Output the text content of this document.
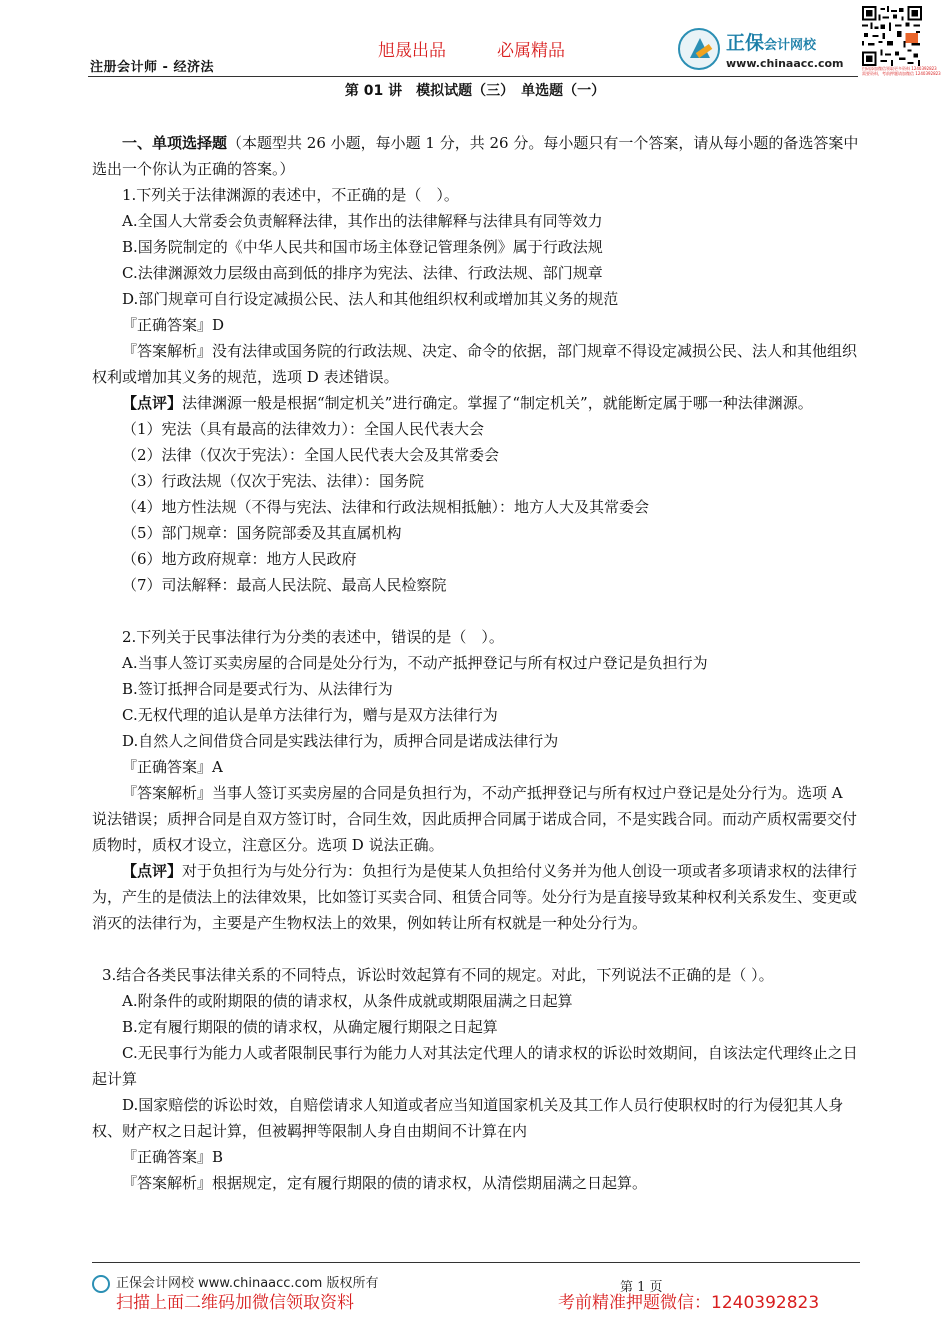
注册会计师 - 经济法
旭晟出品	必属精品	正保会计网校
www.chinaacc.com	扫码添加微信领取更多资料 1240392823
需要资料，考前押题请加微信 1240392823
第 01 讲　模拟试题（三）　单选题（一）

一、单项选择题（本题型共 26 小题，每小题 1 分，共 26 分。每小题只有一个答案，请从每小题的备选答案中选出一个你认为正确的答案。）

1.下列关于法律渊源的表述中，不正确的是（　）。

A.全国人大常委会负责解释法律，其作出的法律解释与法律具有同等效力

B.国务院制定的《中华人民共和国市场主体登记管理条例》属于行政法规

C.法律渊源效力层级由高到低的排序为宪法、法律、行政法规、部门规章

D.部门规章可自行设定减损公民、法人和其他组织权利或增加其义务的规范

『正确答案』D

『答案解析』没有法律或国务院的行政法规、决定、命令的依据，部门规章不得设定减损公民、法人和其他组织权利或增加其义务的规范，选项 D 表述错误。

【点评】法律渊源一般是根据“制定机关”进行确定。掌握了“制定机关”，就能断定属于哪一种法律渊源。

（1）宪法（具有最高的法律效力）：全国人民代表大会

（2）法律（仅次于宪法）：全国人民代表大会及其常委会

（3）行政法规（仅次于宪法、法律）：国务院

（4）地方性法规（不得与宪法、法律和行政法规相抵触）：地方人大及其常委会

（5）部门规章：国务院部委及其直属机构

（6）地方政府规章：地方人民政府

（7）司法解释：最高人民法院、最高人民检察院

2.下列关于民事法律行为分类的表述中，错误的是（　）。

A.当事人签订买卖房屋的合同是处分行为，不动产抵押登记与所有权过户登记是负担行为

B.签订抵押合同是要式行为、从法律行为

C.无权代理的追认是单方法律行为，赠与是双方法律行为

D.自然人之间借贷合同是实践法律行为，质押合同是诺成法律行为

『正确答案』A

『答案解析』当事人签订买卖房屋的合同是负担行为，不动产抵押登记与所有权过户登记是处分行为。选项 A 说法错误；质押合同是自双方签订时，合同生效，因此质押合同属于诺成合同，不是实践合同。而动产质权需要交付质物时，质权才设立，注意区分。选项 D 说法正确。

【点评】对于负担行为与处分行为：负担行为是使某人负担给付义务并为他人创设一项或者多项请求权的法律行为，产生的是债法上的法律效果，比如签订买卖合同、租赁合同等。处分行为是直接导致某种权利关系发生、变更或消灭的法律行为，主要是产生物权法上的效果，例如转让所有权就是一种处分行为。

3.结合各类民事法律关系的不同特点，诉讼时效起算有不同的规定。对此，下列说法不正确的是（ ）。

A.附条件的或附期限的债的请求权，从条件成就或期限届满之日起算

B.定有履行期限的债的请求权，从确定履行期限之日起算

C.无民事行为能力人或者限制民事行为能力人对其法定代理人的请求权的诉讼时效期间，自该法定代理终止之日起计算

D.国家赔偿的诉讼时效，自赔偿请求人知道或者应当知道国家机关及其工作人员行使职权时的行为侵犯其人身权、财产权之日起计算，但被羁押等限制人身自由期间不计算在内

『正确答案』B

『答案解析』根据规定，定有履行期限的债的请求权，从清偿期届满之日起算。

正保会计网校 www.chinaacc.com 版权所有	第 1 页
扫描上面二维码加微信领取资料	考前精准押题微信：1240392823
